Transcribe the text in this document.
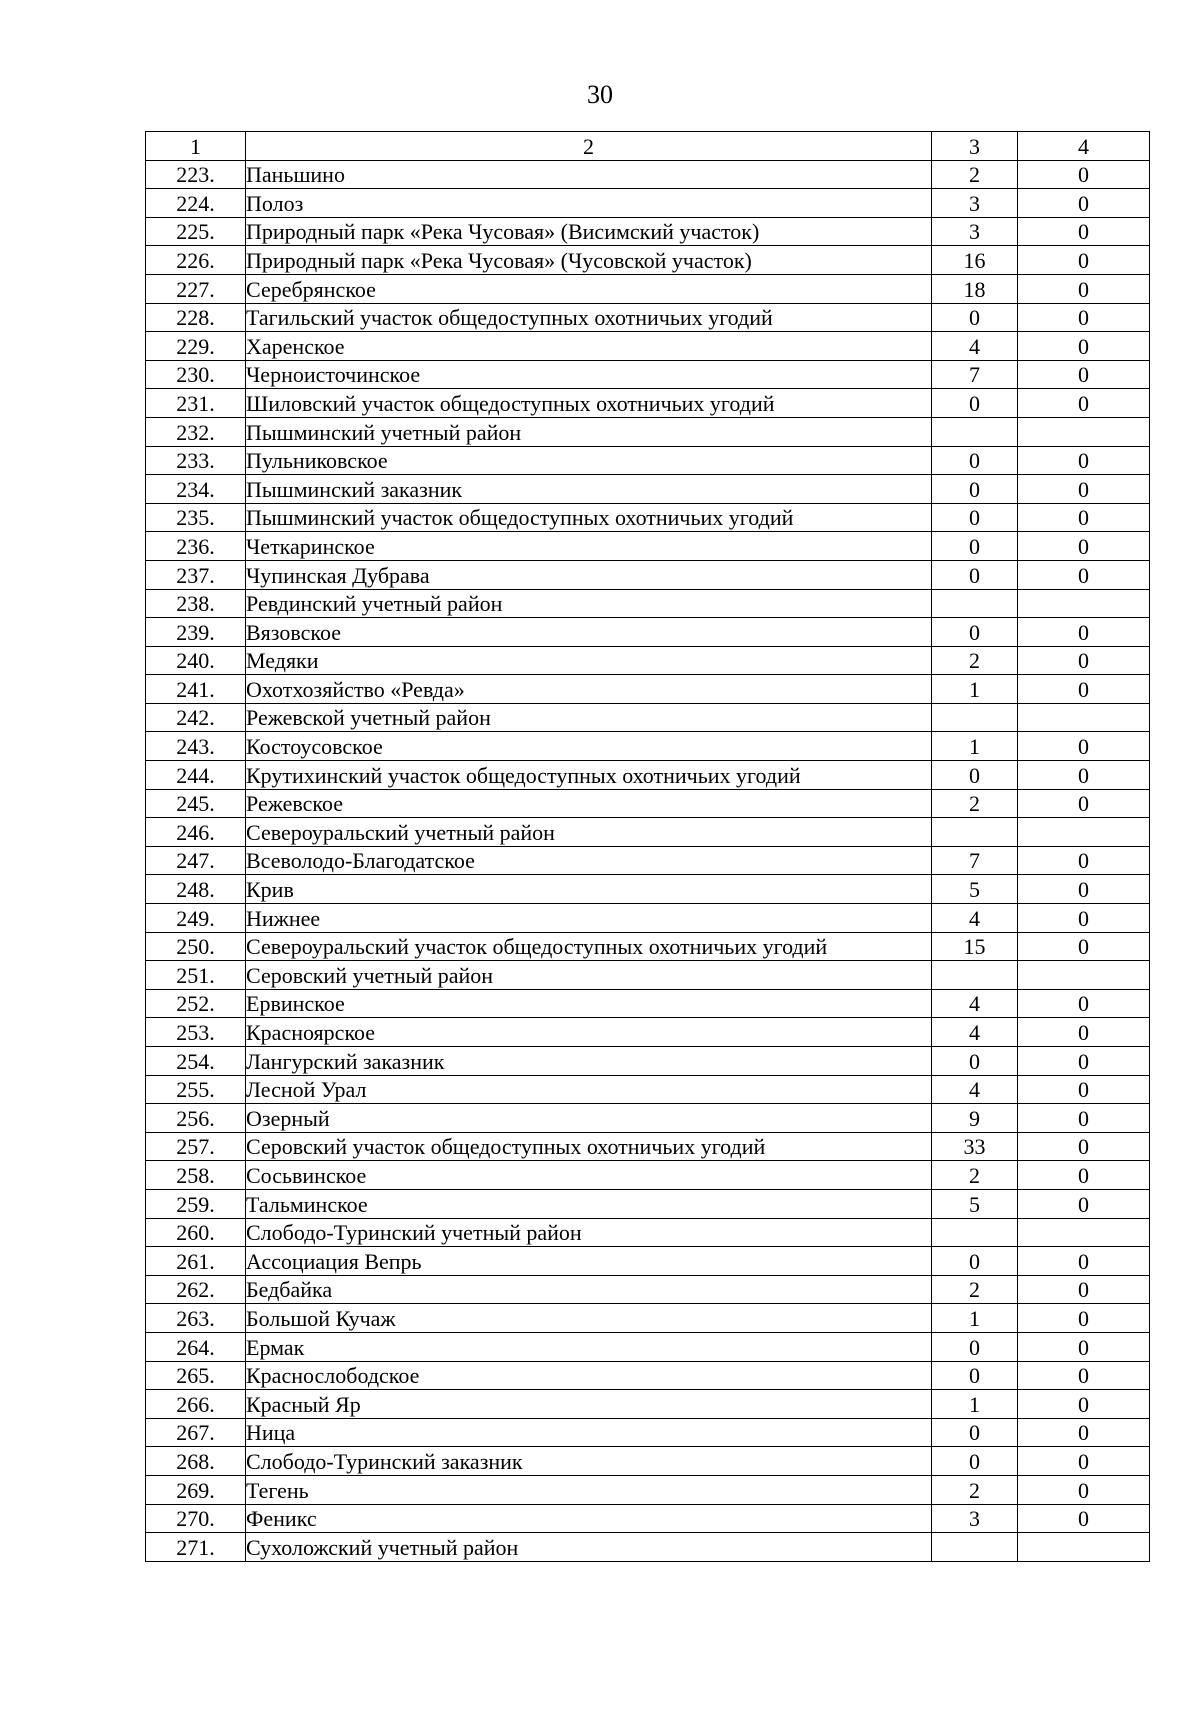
30
1	2	3	4
223.	Паньшино	2	0
224.	Полоз	3	0
225.	Природный парк «Река Чусовая» (Висимский участок)	3	0
226.	Природный парк «Река Чусовая» (Чусовской участок)	16	0
227.	Серебрянское	18	0
228.	Тагильский участок общедоступных охотничьих угодий	0	0
229.	Харенское	4	0
230.	Черноисточинское	7	0
231.	Шиловский участок общедоступных охотничьих угодий	0	0
232.	Пышминский учетный район		
233.	Пульниковское	0	0
234.	Пышминский заказник	0	0
235.	Пышминский участок общедоступных охотничьих угодий	0	0
236.	Четкаринское	0	0
237.	Чупинская Дубрава	0	0
238.	Ревдинский учетный район		
239.	Вязовское	0	0
240.	Медяки	2	0
241.	Охотхозяйство «Ревда»	1	0
242.	Режевской учетный район		
243.	Костоусовское	1	0
244.	Крутихинский участок общедоступных охотничьих угодий	0	0
245.	Режевское	2	0
246.	Североуральский учетный район		
247.	Всеволодо-Благодатское	7	0
248.	Крив	5	0
249.	Нижнее	4	0
250.	Североуральский участок общедоступных охотничьих угодий	15	0
251.	Серовский учетный район		
252.	Ервинское	4	0
253.	Красноярское	4	0
254.	Лангурский заказник	0	0
255.	Лесной Урал	4	0
256.	Озерный	9	0
257.	Серовский участок общедоступных охотничьих угодий	33	0
258.	Сосьвинское	2	0
259.	Тальминское	5	0
260.	Слободо-Туринский учетный район		
261.	Ассоциация Вепрь	0	0
262.	Бедбайка	2	0
263.	Большой Кучаж	1	0
264.	Ермак	0	0
265.	Краснослободское	0	0
266.	Красный Яр	1	0
267.	Ница	0	0
268.	Слободо-Туринский заказник	0	0
269.	Тегень	2	0
270.	Феникс	3	0
271.	Сухоложский учетный район		
